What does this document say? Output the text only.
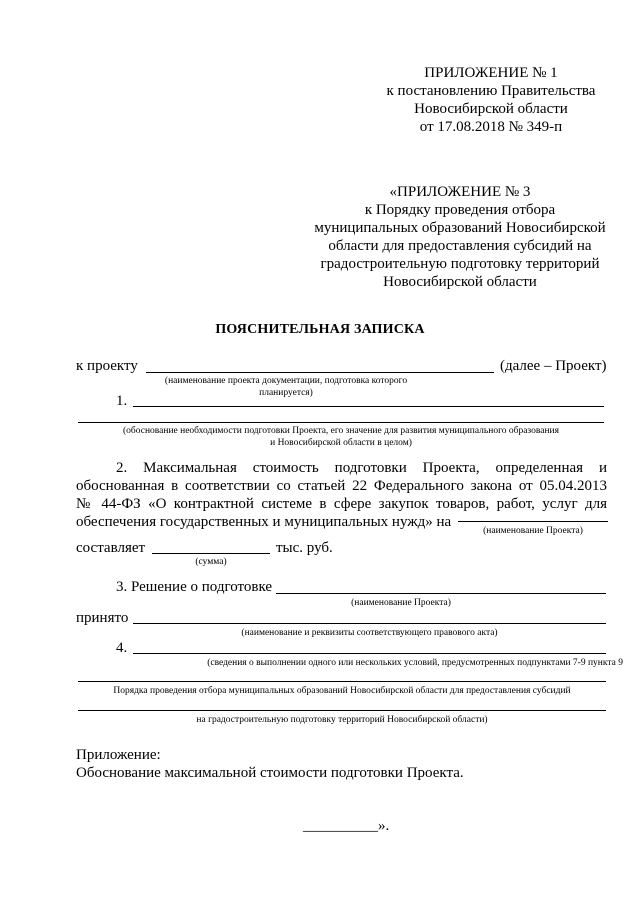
ПРИЛОЖЕНИЕ № 1
к постановлению Правительства
Новосибирской области
от 17.08.2018 № 349-п
«ПРИЛОЖЕНИЕ № 3
к Порядку проведения отбора
муниципальных образований Новосибирской
области для предоставления субсидий на
градостроительную подготовку территорий
Новосибирской области
ПОЯСНИТЕЛЬНАЯ ЗАПИСКА
к проекту	(далее – Проект)
(наименование проекта документации, подготовка которого планируется)
1.
(обоснование необходимости подготовки Проекта, его значение для развития муниципального образования
и Новосибирской области в целом)
2. Максимальная стоимость подготовки Проекта, определенная и
обоснованная в соответствии со статьей 22 Федерального закона от 05.04.2013
№ 44-ФЗ «О контрактной системе в сфере закупок товаров, работ, услуг для
обеспечения государственных и муниципальных нужд» на
(наименование Проекта)
составляет	тыс. руб.
(сумма)
3. Решение о подготовке
(наименование Проекта)
принято
(наименование и реквизиты соответствующего правового акта)
4.
(сведения о выполнении одного или нескольких условий, предусмотренных подпунктами 7-9 пункта 9
Порядка проведения отбора муниципальных образований Новосибирской области для предоставления субсидий
на градостроительную подготовку территорий Новосибирской области)
Приложение:
Обоснование максимальной стоимости подготовки Проекта.
__________».
